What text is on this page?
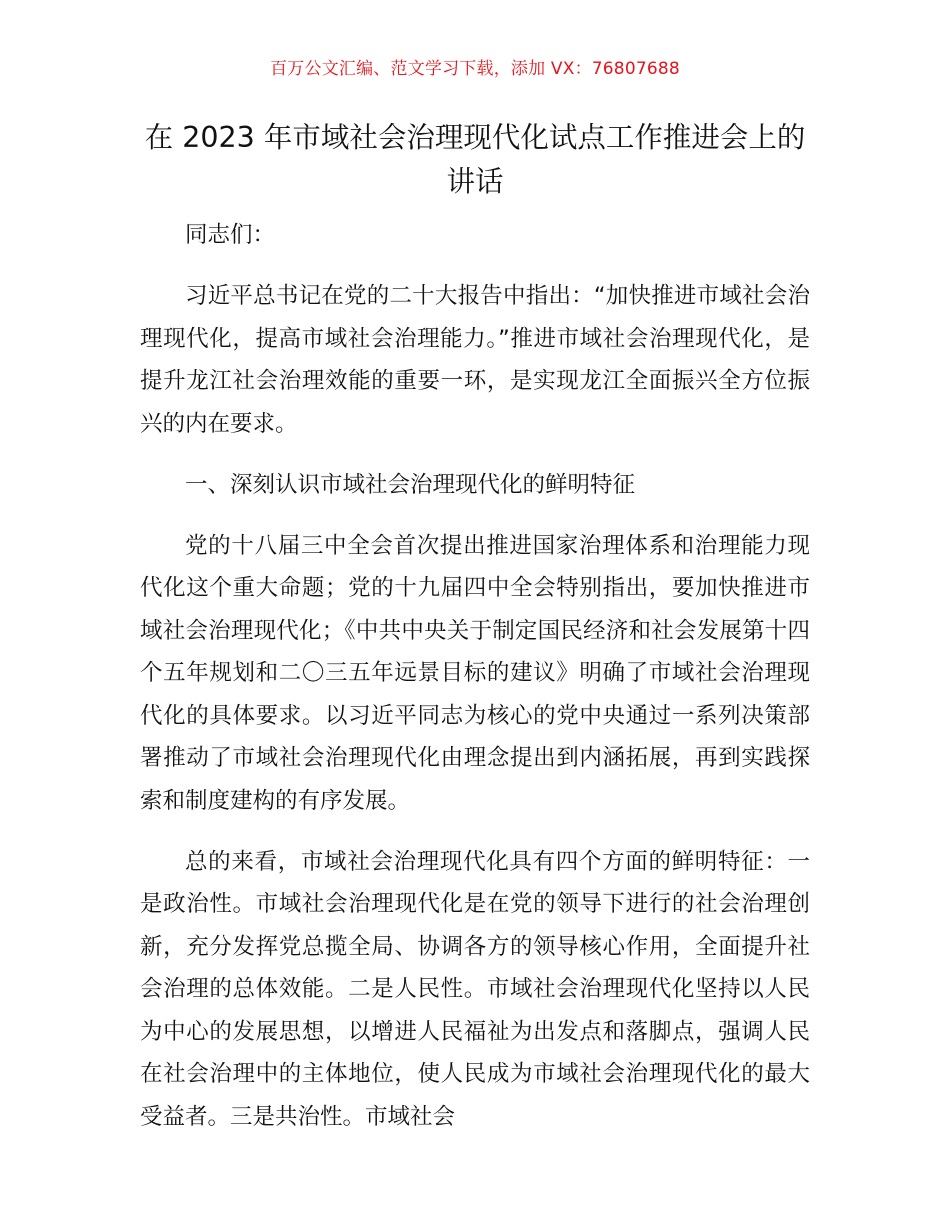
百万公文汇编、范文学习下载，添加 VX：76807688
在 2023 年市域社会治理现代化试点工作推进会上的讲话

同志们：

习近平总书记在党的二十大报告中指出：“加快推进市域社会治理现代化，提高市域社会治理能力。”推进市域社会治理现代化，是提升龙江社会治理效能的重要一环，是实现龙江全面振兴全方位振兴的内在要求。

一、深刻认识市域社会治理现代化的鲜明特征

党的十八届三中全会首次提出推进国家治理体系和治理能力现代化这个重大命题；党的十九届四中全会特别指出，要加快推进市域社会治理现代化；《中共中央关于制定国民经济和社会发展第十四个五年规划和二〇三五年远景目标的建议》明确了市域社会治理现代化的具体要求。以习近平同志为核心的党中央通过一系列决策部署推动了市域社会治理现代化由理念提出到内涵拓展，再到实践探索和制度建构的有序发展。

总的来看，市域社会治理现代化具有四个方面的鲜明特征：一是政治性。市域社会治理现代化是在党的领导下进行的社会治理创新，充分发挥党总揽全局、协调各方的领导核心作用，全面提升社会治理的总体效能。二是人民性。市域社会治理现代化坚持以人民为中心的发展思想，以增进人民福祉为出发点和落脚点，强调人民在社会治理中的主体地位，使人民成为市域社会治理现代化的最大受益者。三是共治性。市域社会
